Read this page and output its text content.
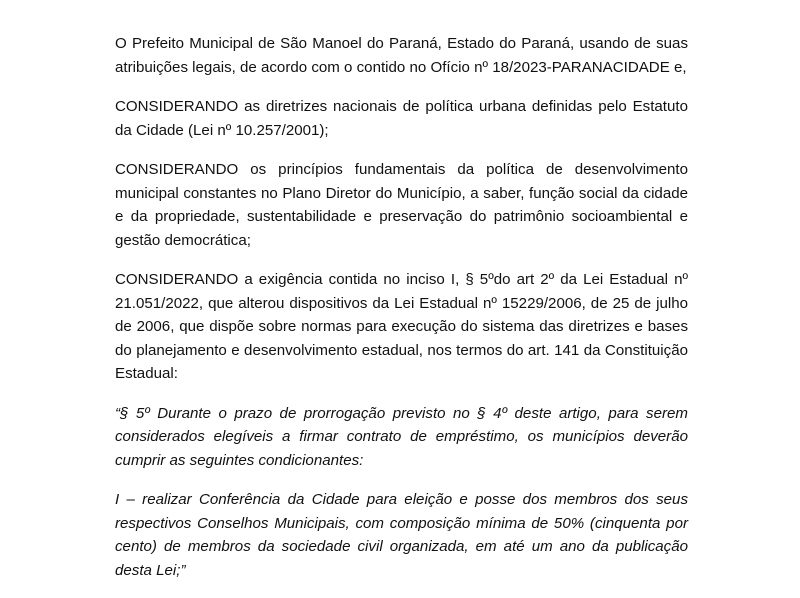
O Prefeito Municipal de São Manoel do Paraná, Estado do Paraná, usando de suas atribuições legais, de acordo com o contido no Ofício nº 18/2023-PARANACIDADE e,

CONSIDERANDO as diretrizes nacionais de política urbana definidas pelo Estatuto da Cidade (Lei nº 10.257/2001);

CONSIDERANDO os princípios fundamentais da política de desenvolvimento municipal constantes no Plano Diretor do Município, a saber, função social da cidade e da propriedade, sustentabilidade e preservação do patrimônio socioambiental e gestão democrática;

CONSIDERANDO a exigência contida no inciso I, § 5ºdo art 2º da Lei Estadual nº 21.051/2022, que alterou dispositivos da Lei Estadual nº 15229/2006, de 25 de julho de 2006, que dispõe sobre normas para execução do sistema das diretrizes e bases do planejamento e desenvolvimento estadual, nos termos do art. 141 da Constituição Estadual:

“§ 5º Durante o prazo de prorrogação previsto no § 4º deste artigo, para serem considerados elegíveis a firmar contrato de empréstimo, os municípios deverão cumprir as seguintes condicionantes:

I – realizar Conferência da Cidade para eleição e posse dos membros dos seus respectivos Conselhos Municipais, com composição mínima de 50% (cinquenta por cento) de membros da sociedade civil organizada, em até um ano da publicação desta Lei;”
